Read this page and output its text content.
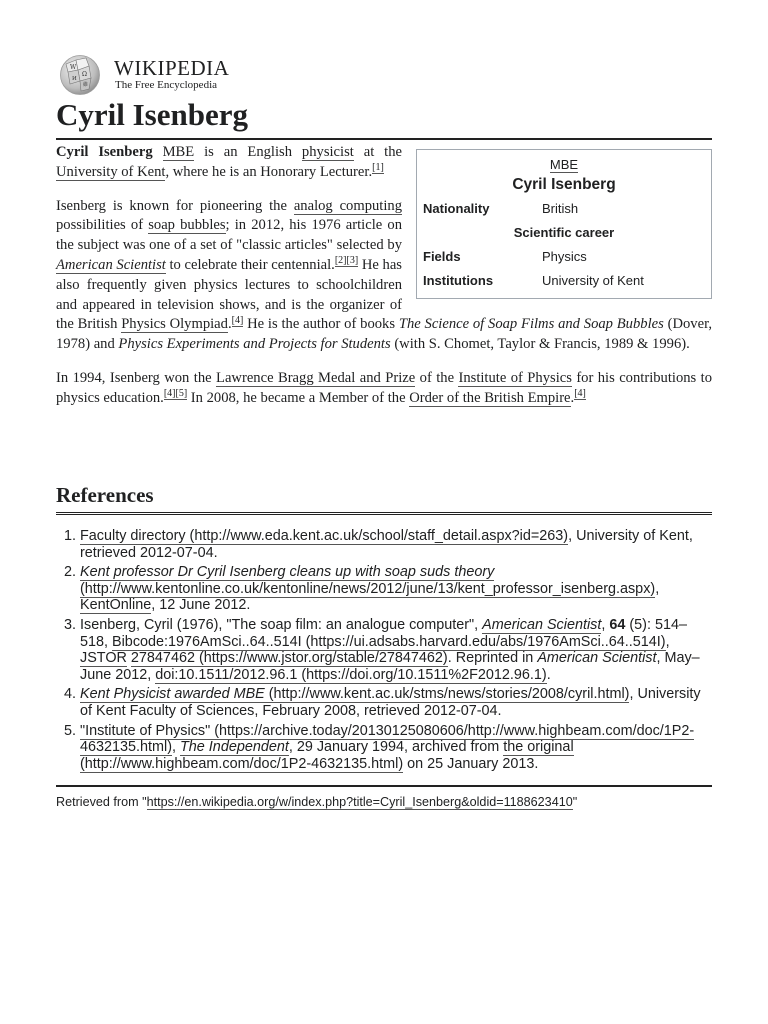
W
Ω
И
維
WIKIPEDIA
The Free Encyclopedia
Cyril Isenberg
MBE
Cyril Isenberg
Nationality	British
Scientific career
Fields	Physics
Institutions	University of Kent

Cyril Isenberg MBE is an English physicist at the University of Kent, where he is an Honorary Lecturer.[1]

Isenberg is known for pioneering the analog computing possibilities of soap bubbles; in 2012, his 1976 article on the subject was one of a set of "classic articles" selected by American Scientist to celebrate their centennial.[2][3] He has also frequently given physics lectures to schoolchildren and appeared in television shows, and is the organizer of the British Physics Olympiad.[4] He is the author of books The Science of Soap Films and Soap Bubbles (Dover, 1978) and Physics Experiments and Projects for Students (with S. Chomet, Taylor & Francis, 1989 & 1996).

In 1994, Isenberg won the Lawrence Bragg Medal and Prize of the Institute of Physics for his contributions to physics education.[4][5] In 2008, he became a Member of the Order of the British Empire.[4]

References
1. Faculty directory (http://www.eda.kent.ac.uk/school/staff_detail.aspx?id=263), University of Kent, retrieved 2012-07-04.
2. Kent professor Dr Cyril Isenberg cleans up with soap suds theory (http://www.kentonline.co.uk/kentonline/news/2012/june/13/kent_professor_isenberg.aspx), KentOnline, 12 June 2012.
3. Isenberg, Cyril (1976), "The soap film: an analogue computer", American Scientist, 64 (5): 514–518, Bibcode:1976AmSci..64..514I (https://ui.adsabs.harvard.edu/abs/1976AmSci..64..514I), JSTOR 27847462 (https://www.jstor.org/stable/27847462). Reprinted in American Scientist, May–June 2012, doi:10.1511/2012.96.1 (https://doi.org/10.1511%2F2012.96.1).
4. Kent Physicist awarded MBE (http://www.kent.ac.uk/stms/news/stories/2008/cyril.html), University of Kent Faculty of Sciences, February 2008, retrieved 2012-07-04.
5. "Institute of Physics" (https://archive.today/20130125080606/http://www.highbeam.com/doc/1P2-4632135.html), The Independent, 29 January 1994, archived from the original (http://www.highbeam.com/doc/1P2-4632135.html) on 25 January 2013.
Retrieved from "https://en.wikipedia.org/w/index.php?title=Cyril_Isenberg&oldid=1188623410"
